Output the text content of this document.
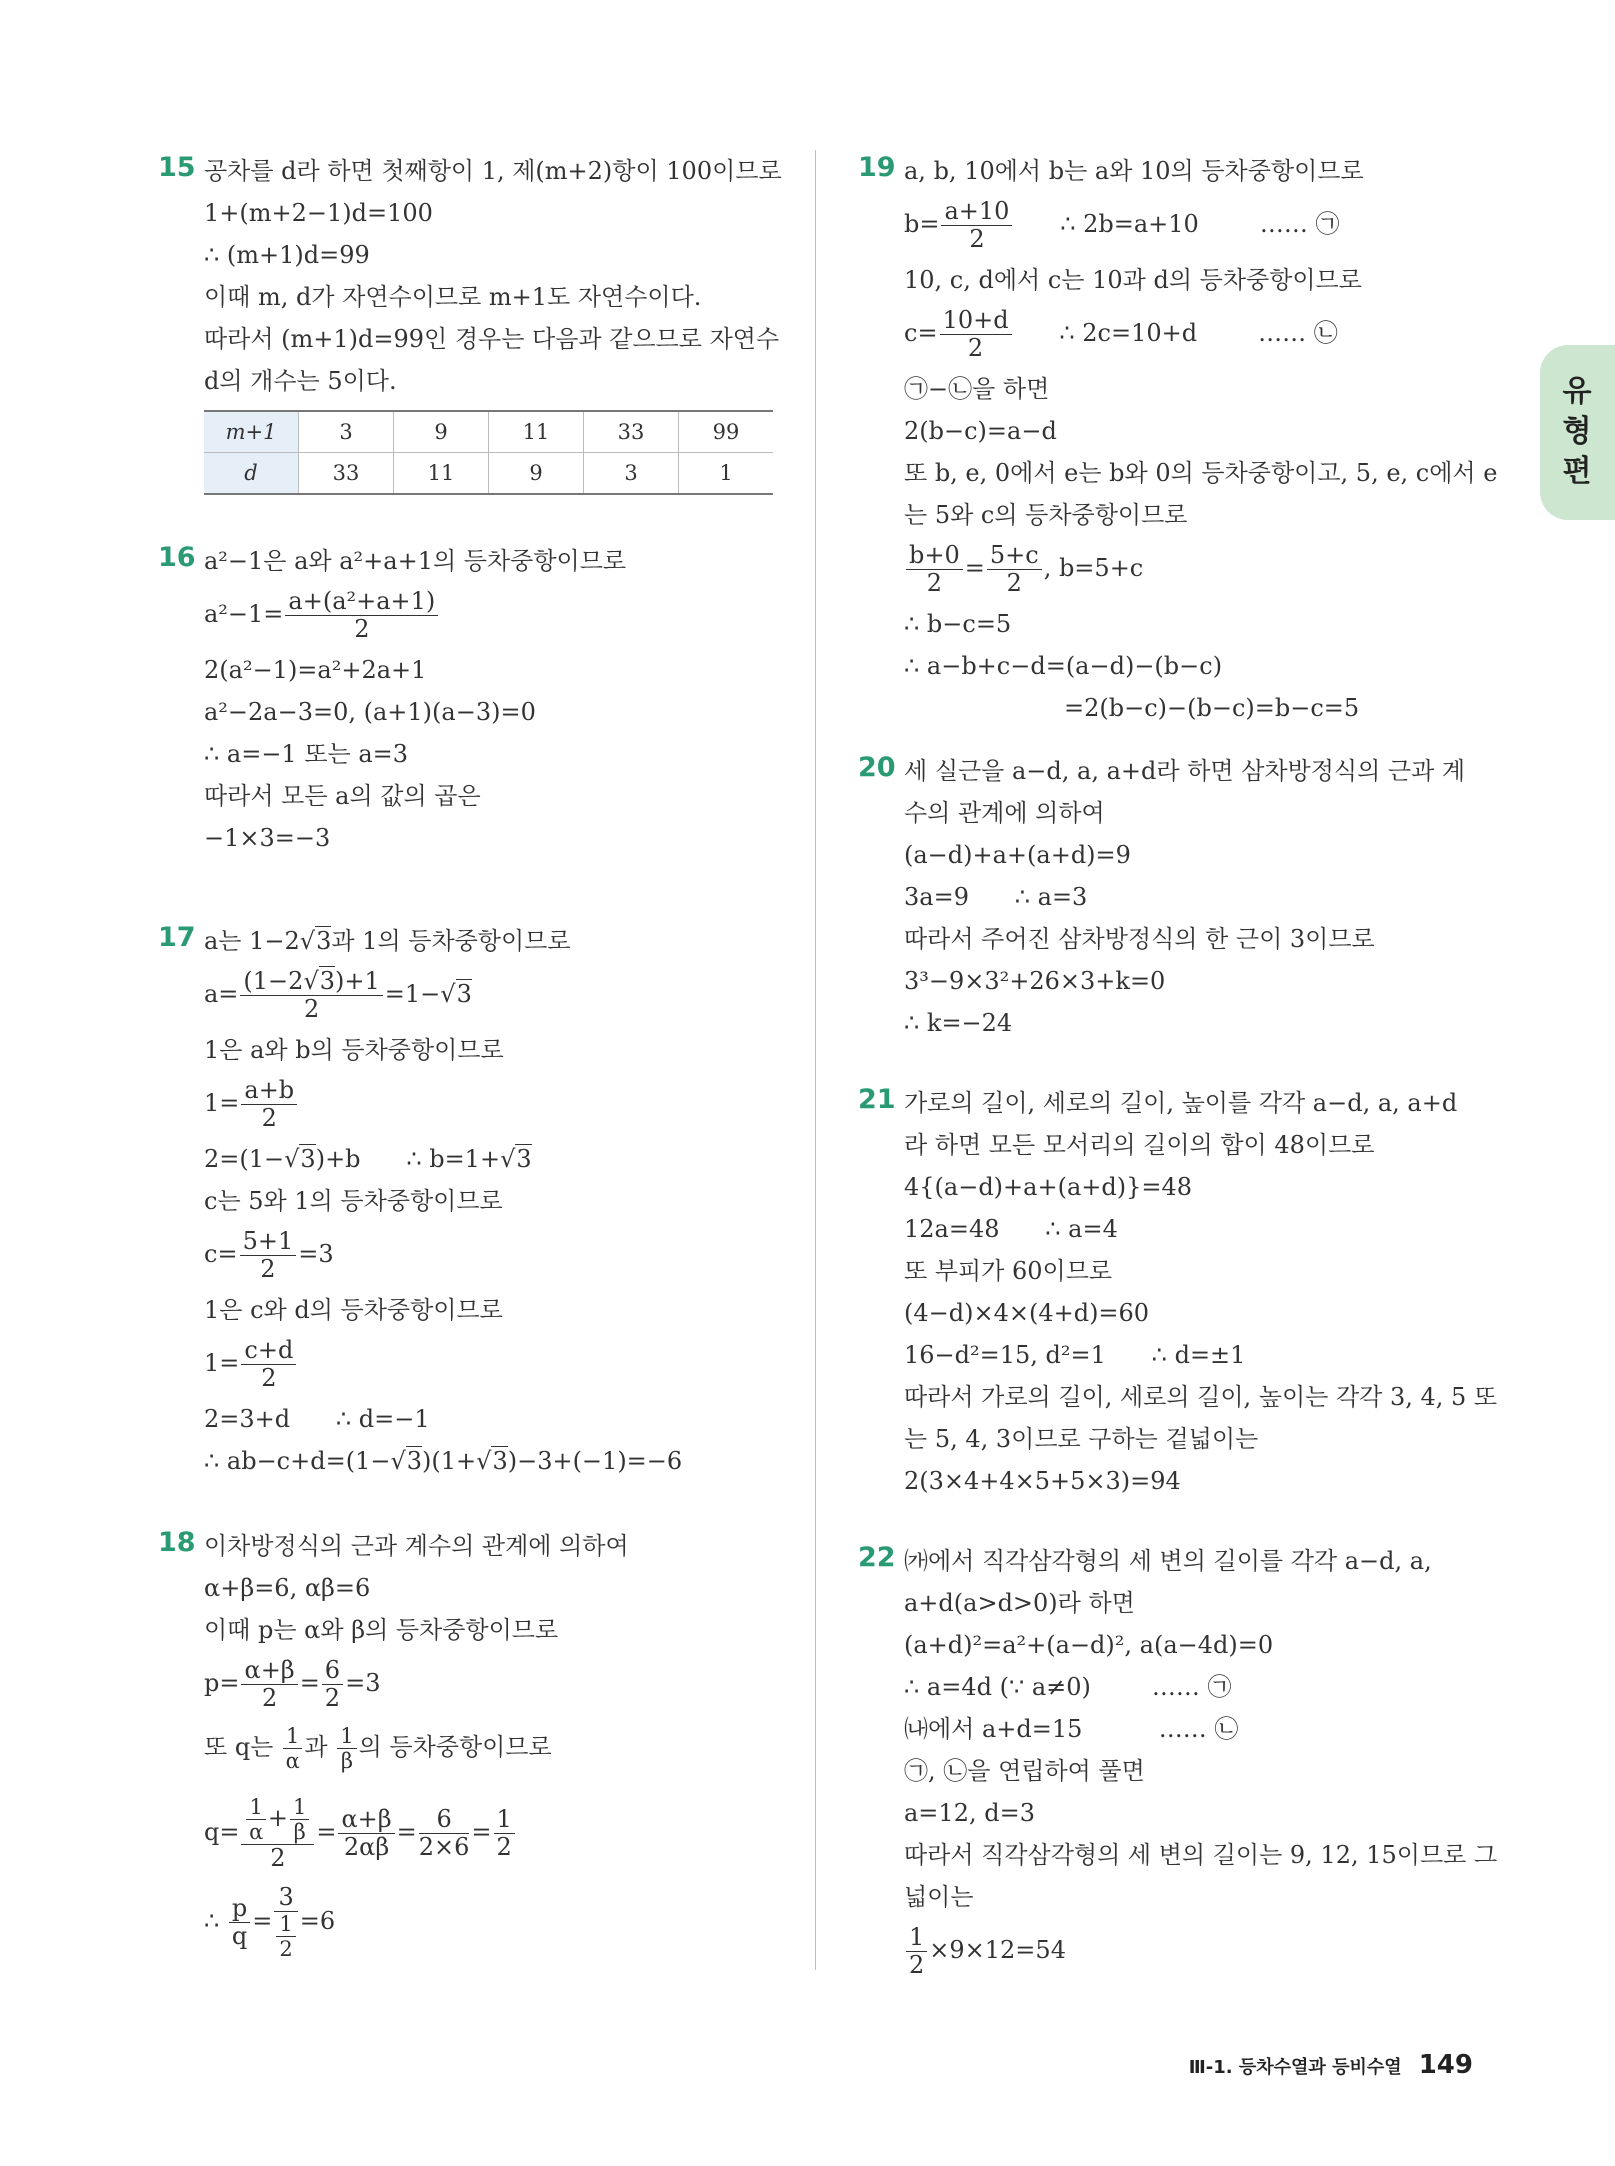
유형편
15 공차를 d라 하면 첫째항이 1, 제(m+2)항이 100이므로
1+(m+2−1)d=100
∴ (m+1)d=99
이때 m, d가 자연수이므로 m+1도 자연수이다.
따라서 (m+1)d=99인 경우는 다음과 같으므로 자연수
d의 개수는 5이다.
m+1	3	9	11	33	99
d	33	11	9	3	1
16 a²−1은 a와 a²+a+1의 등차중항이므로
$a^2-1= \frac{\text{a+(a²+a+1)}}{2}$
2(a²−1)=a²+2a+1
a²−2a−3=0, (a+1)(a−3)=0
∴ a=−1 또는 a=3
따라서 모든 a의 값의 곱은
−1×3=−3
17 a는 1−2√3과 1의 등차중항이므로
$a= \frac{(1-2√3)+1}{2} =1-√3$
1은 a와 b의 등차중항이므로
$1= \frac{a+b}{2}$
2=(1−√3)+b      ∴ b=1+√3
c는 5와 1의 등차중항이므로
$c= \frac{5+1}{2} =3$
1은 c와 d의 등차중항이므로
$1= \frac{c+d}{2}$
2=3+d      ∴ d=−1
∴ ab−c+d=(1−√3)(1+√3)−3+(−1)=−6
18 이차방정식의 근과 계수의 관계에 의하여
α+β=6, αβ=6
이때 p는 α와 β의 등차중항이므로
$p= \frac{\alpha+\beta}{2} = \frac{6}{2} =3$
또 q는 $\frac{1}{\alpha}$ 과 $\frac{1}{\beta}$ 의 등차중항이므로
$q= \frac{\frac{1}{\alpha} + \frac{1}{\beta}}{2} = \frac{\alpha+\beta}{2\alpha\beta} = \frac{6}{2\times 6} = \frac{1}{2}$
∴ $\frac{p}{q} = \frac{3}{\frac{1}{2}} =6$
19 a, b, 10에서 b는 a와 10의 등차중항이므로
$b= \frac{a+10}{2}$ ∴ 2b=a+10        …… ㉠
10, c, d에서 c는 10과 d의 등차중항이므로
$c= \frac{10+d}{2}$ ∴ 2c=10+d        …… ㉡
㉠−㉡을 하면
2(b−c)=a−d
또 b, e, 0에서 e는 b와 0의 등차중항이고, 5, e, c에서 e
는 5와 c의 등차중항이므로
$\frac{b+0}{2} = \frac{5+c}{2}$ , b=5+c
∴ b−c=5
∴ a−b+c−d=(a−d)−(b−c)
=2(b−c)−(b−c)=b−c=5
20 세 실근을 a−d, a, a+d라 하면 삼차방정식의 근과 계
수의 관계에 의하여
(a−d)+a+(a+d)=9
3a=9      ∴ a=3
따라서 주어진 삼차방정식의 한 근이 3이므로
3³−9×3²+26×3+k=0
∴ k=−24
21 가로의 길이, 세로의 길이, 높이를 각각 a−d, a, a+d
라 하면 모든 모서리의 길이의 합이 48이므로
4{(a−d)+a+(a+d)}=48
12a=48      ∴ a=4
또 부피가 60이므로
(4−d)×4×(4+d)=60
16−d²=15, d²=1      ∴ d=±1
따라서 가로의 길이, 세로의 길이, 높이는 각각 3, 4, 5 또
는 5, 4, 3이므로 구하는 겉넓이는
2(3×4+4×5+5×3)=94
22 ㈎에서 직각삼각형의 세 변의 길이를 각각 a−d, a,
a+d(a>d>0)라 하면
(a+d)²=a²+(a−d)², a(a−4d)=0
∴ a=4d (∵ a≠0)        …… ㉠
㈏에서 a+d=15          …… ㉡
㉠, ㉡을 연립하여 풀면
a=12, d=3
따라서 직각삼각형의 세 변의 길이는 9, 12, 15이므로 그
넓이는
$\frac{1}{2} \times 9\times 12=54$
Ⅲ-1. 등차수열과 등비수열 149
